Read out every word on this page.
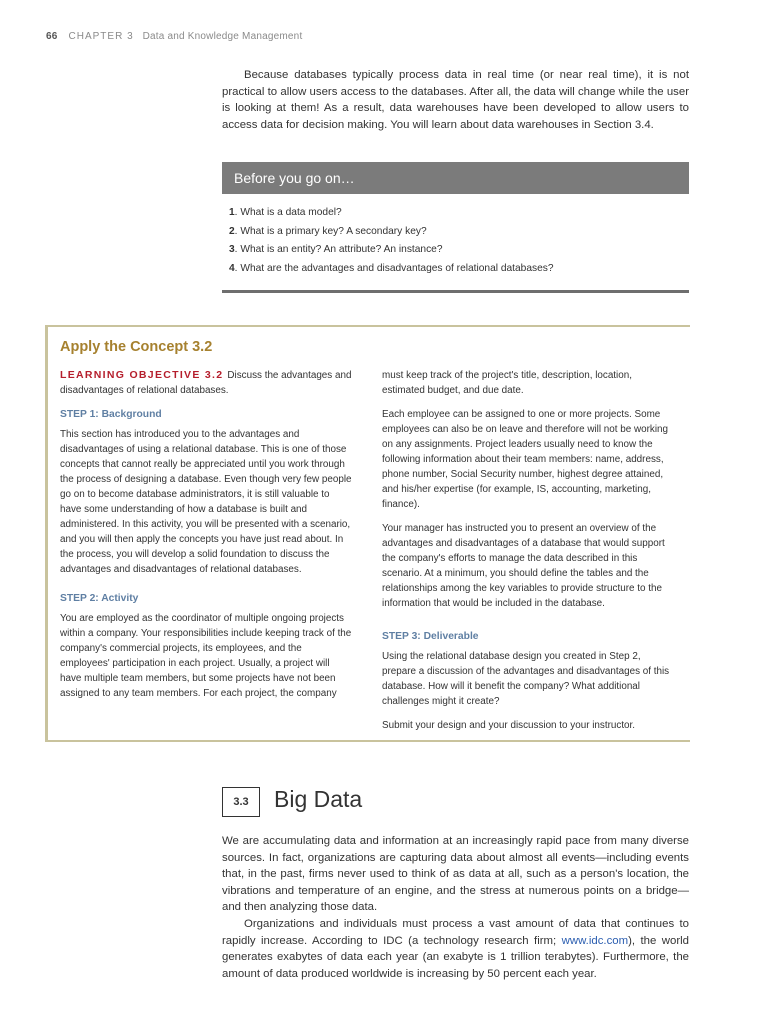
66 CHAPTER 3 Data and Knowledge Management

Because databases typically process data in real time (or near real time), it is not practical to allow users access to the databases. After all, the data will change while the user is looking at them! As a result, data warehouses have been developed to allow users to access data for decision making. You will learn about data warehouses in Section 3.4.

Before you go on…
1. What is a data model?
2. What is a primary key? A secondary key?
3. What is an entity? An attribute? An instance?
4. What are the advantages and disadvantages of relational databases?
Apply the Concept 3.2

LEARNING OBJECTIVE 3.2 Discuss the advantages and disadvantages of relational databases.

STEP 1: Background

This section has introduced you to the advantages and disadvantages of using a relational database. This is one of those concepts that cannot really be appreciated until you work through the process of designing a database. Even though very few people go on to become database administrators, it is still valuable to have some understanding of how a database is built and administered. In this activity, you will be presented with a scenario, and you will then apply the concepts you have just read about. In the process, you will develop a solid foundation to discuss the advantages and disadvantages of relational databases.

STEP 2: Activity

You are employed as the coordinator of multiple ongoing projects within a company. Your responsibilities include keeping track of the company's commercial projects, its employees, and the employees' participation in each project. Usually, a project will have multiple team members, but some projects have not been assigned to any team members. For each project, the company

must keep track of the project's title, description, location, estimated budget, and due date.

Each employee can be assigned to one or more projects. Some employees can also be on leave and therefore will not be working on any assignments. Project leaders usually need to know the following information about their team members: name, address, phone number, Social Security number, highest degree attained, and his/her expertise (for example, IS, accounting, marketing, finance).

Your manager has instructed you to present an overview of the advantages and disadvantages of a database that would support the company's efforts to manage the data described in this scenario. At a minimum, you should define the tables and the relationships among the key variables to provide structure to the information that would be included in the database.

STEP 3: Deliverable

Using the relational database design you created in Step 2, prepare a discussion of the advantages and disadvantages of this database. How will it benefit the company? What additional challenges might it create?

Submit your design and your discussion to your instructor.

3.3	Big Data

We are accumulating data and information at an increasingly rapid pace from many diverse sources. In fact, organizations are capturing data about almost all events—including events that, in the past, firms never used to think of as data at all, such as a person's location, the vibrations and temperature of an engine, and the stress at numerous points on a bridge—and then analyzing those data.

Organizations and individuals must process a vast amount of data that continues to rapidly increase. According to IDC (a technology research firm; www.idc.com), the world generates exabytes of data each year (an exabyte is 1 trillion terabytes). Furthermore, the amount of data produced worldwide is increasing by 50 percent each year.
